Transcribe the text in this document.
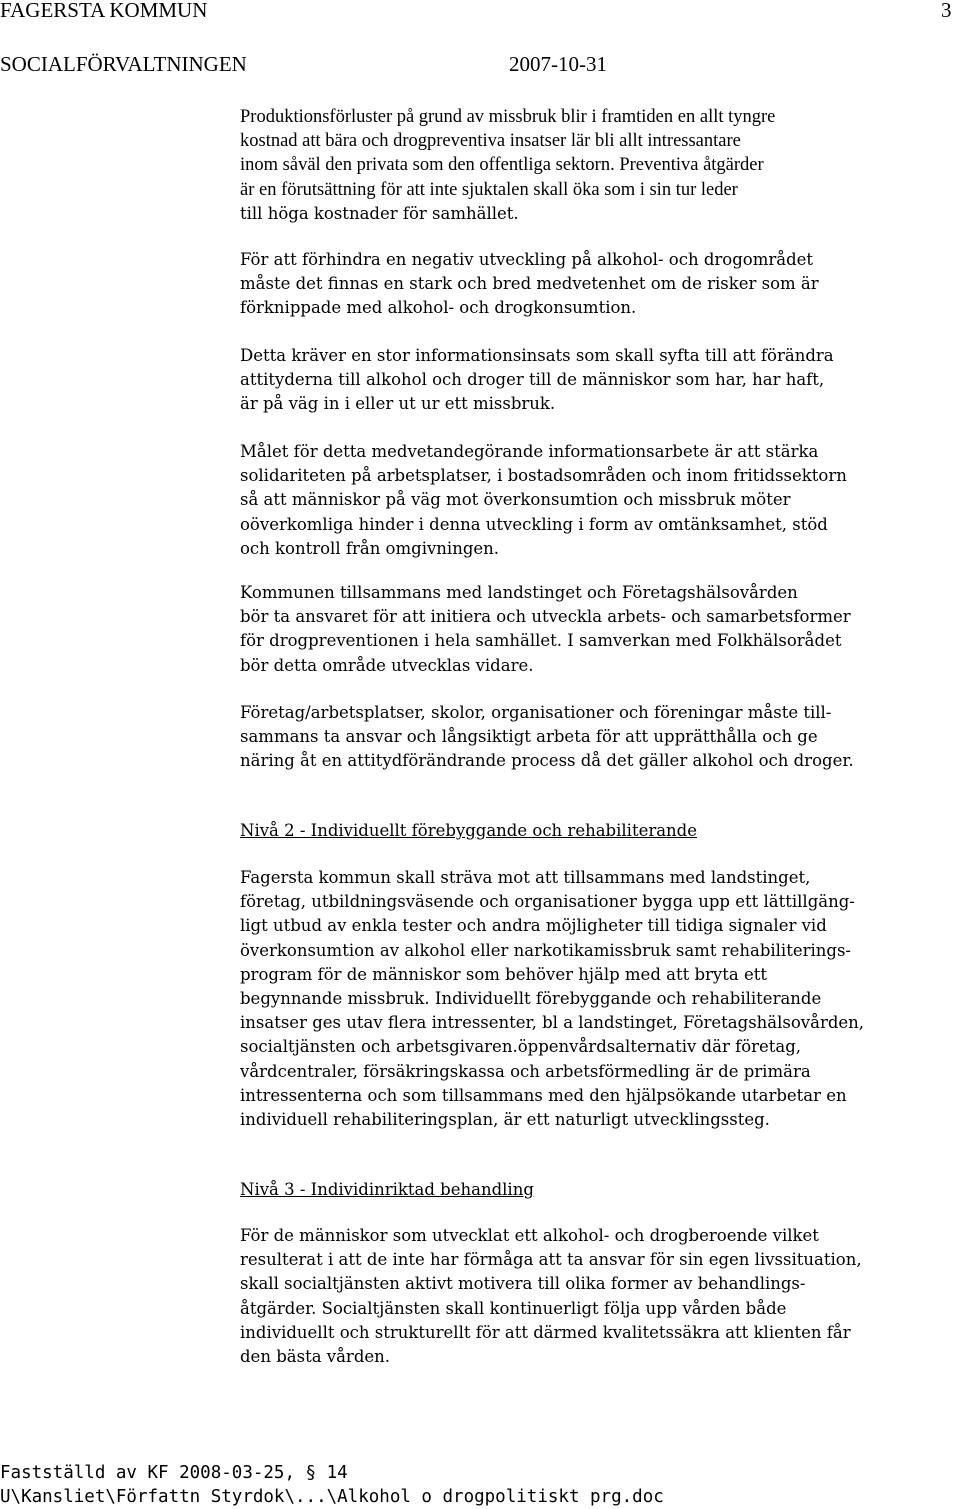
FAGERSTA KOMMUN	3
SOCIALFÖRVALTNINGEN	2007-10-31
Produktionsförluster på grund av missbruk blir i framtiden en allt tyngre
kostnad att bära och drogpreventiva insatser lär bli allt intressantare
inom såväl den privata som den offentliga sektorn. Preventiva åtgärder
är en förutsättning för att inte sjuktalen skall öka som i sin tur leder
till höga kostnader för samhället.
För att förhindra en negativ utveckling på alkohol- och drogområdet
måste det finnas en stark och bred medvetenhet om de risker som är
förknippade med alkohol- och drogkonsumtion.
Detta kräver en stor informationsinsats som skall syfta till att förändra
attityderna till alkohol och droger till de människor som har, har haft,
är på väg in i eller ut ur ett missbruk.
Målet för detta medvetandegörande informationsarbete är att stärka
solidariteten på arbetsplatser, i bostadsområden och inom fritidssektorn
så att människor på väg mot överkonsumtion och missbruk möter
oöverkomliga hinder i denna utveckling i form av omtänksamhet, stöd
och kontroll från omgivningen.
Kommunen tillsammans med landstinget och Företagshälsovården
bör ta ansvaret för att initiera och utveckla arbets- och samarbetsformer
för drogpreventionen i hela samhället. I samverkan med Folkhälsorådet
bör detta område utvecklas vidare.
Företag/arbetsplatser, skolor, organisationer och föreningar måste till-
sammans ta ansvar och långsiktigt arbeta för att upprätthålla och ge
näring åt en attitydförändrande process då det gäller alkohol och droger.
Nivå 2 - Individuellt förebyggande och rehabiliterande
Fagersta kommun skall sträva mot att tillsammans med landstinget,
företag, utbildningsväsende och organisationer bygga upp ett lättillgäng-
ligt utbud av enkla tester och andra möjligheter till tidiga signaler vid
överkonsumtion av alkohol eller narkotikamissbruk samt rehabiliterings-
program för de människor som behöver hjälp med att bryta ett
begynnande missbruk. Individuellt förebyggande och rehabiliterande
insatser ges utav flera intressenter, bl a landstinget, Företagshälsovården,
socialtjänsten och arbetsgivaren.öppenvårdsalternativ där företag,
vårdcentraler, försäkringskassa och arbetsförmedling är de primära
intressenterna och som tillsammans med den hjälpsökande utarbetar en
individuell rehabiliteringsplan, är ett naturligt utvecklingssteg.
Nivå 3 - Individinriktad behandling
För de människor som utvecklat ett alkohol- och drogberoende vilket
resulterat i att de inte har förmåga att ta ansvar för sin egen livssituation,
skall socialtjänsten aktivt motivera till olika former av behandlings-
åtgärder. Socialtjänsten skall kontinuerligt följa upp vården både
individuellt och strukturellt för att därmed kvalitetssäkra att klienten får
den bästa vården.
Fastställd av KF 2008-03-25, § 14
U\Kansliet\Författn Styrdok\...\Alkohol o drogpolitiskt prg.doc
